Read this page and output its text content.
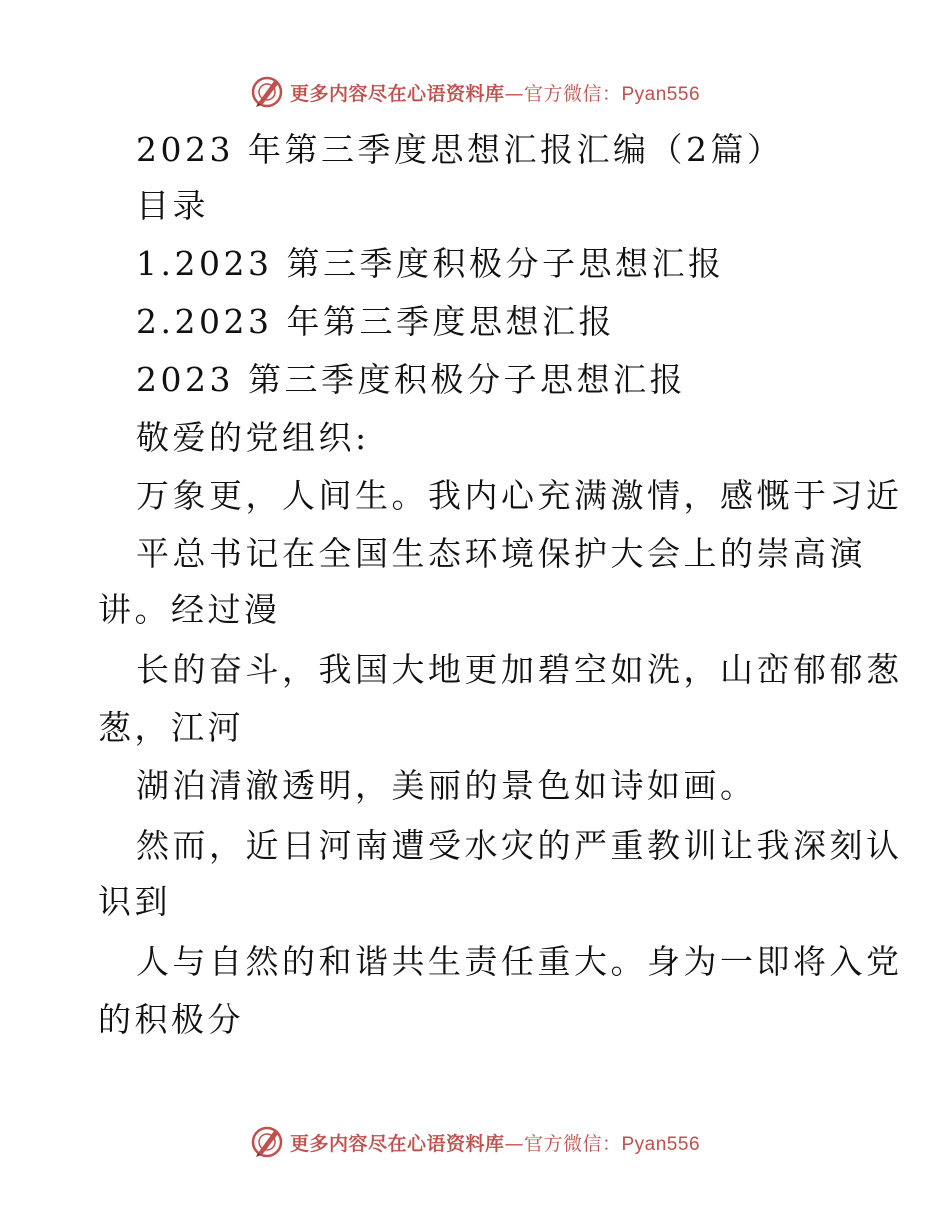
更多内容尽在心语资料库 — 官方微信： Pyan556
2023 年第三季度思想汇报汇编（2篇）
目录
1.2023 第三季度积极分子思想汇报
2.2023 年第三季度思想汇报
2023 第三季度积极分子思想汇报
敬爱的党组织:
万象更，人间生。我内心充满激情，感慨于习近
平总书记在全国生态环境保护大会上的崇高演
讲。经过漫
长的奋斗，我国大地更加碧空如洗，山峦郁郁葱
葱，江河
湖泊清澈透明，美丽的景色如诗如画。
然而，近日河南遭受水灾的严重教训让我深刻认
识到
人与自然的和谐共生责任重大。身为一即将入党
的积极分
更多内容尽在心语资料库 — 官方微信： Pyan556
